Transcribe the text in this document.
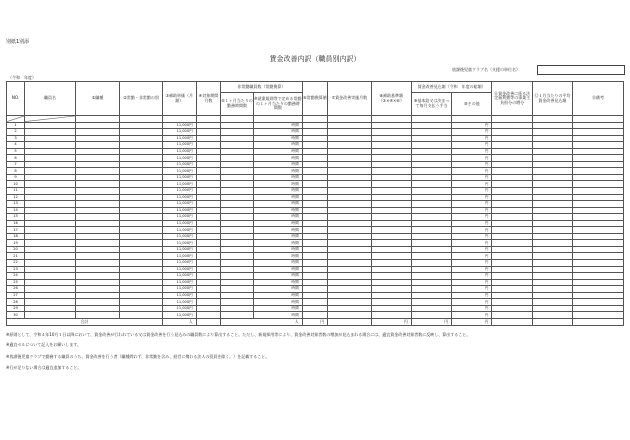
別紙1別添
賃金改善内訳（職員別内訳）
放課後児童クラブ名（支援の単位名）
（令和　年度）
NO.	職員名	①職種	②常勤・非常勤の別	③補助単価（月額）	④対象期間月数	非常勤職員数（常勤換算）		⑥常勤換算値	⑦賃金改善実施月数	⑧補助基準額（③×④×⑥）	賃金改善見込額（令和　年度の総額）		⑪賃金改善に係る法定福利費等の事業主負担分の増分	⑫１月当たりの平均賃金改善見込額	⑬備考
						⑤１ヶ月当たりの勤務時間数	※就業規則等で定める常勤の１ヶ月当たりの勤務時間数				⑨基本給又は決まって毎月支払う手当	⑩その他			

1				11,000円			時間					円			
2				11,000円			時間					円			
3				11,000円			時間					円			
4				11,000円			時間					円			
5				11,000円			時間					円			
6				11,000円			時間					円			
7				11,000円			時間					円			
8				11,000円			時間					円			
9				11,000円			時間					円			
10				11,000円			時間					円			
11				11,000円			時間					円			
12				11,000円			時間					円			
13				11,000円			時間					円			
14				11,000円			時間					円			
15				11,000円			時間					円			
16				11,000円			時間					円			
17				11,000円			時間					円			
18				11,000円			時間					円			
19				11,000円			時間					円			
20				11,000円			時間					円			
21				11,000円			時間					円			
22				11,000円			時間					円			
23				11,000円			時間					円			
24				11,000円			時間					円			
25				11,000円			時間					円			
26				11,000円			時間					円			
27				11,000円			時間					円			
28				11,000円			時間					円			
29				11,000円			時間					円			
30				11,000円			時間					円			
合計				人		人		円		円	円	円			
※原則として、令和４年10月１日以降において、賃金改善が行われている又は賃金改善を行う見込みの職員数により算出すること。ただし、新規採用等により、賃金改善対象者数の増加が見込まれる場合には、適宜賃金改善対象者数に反映し、算出すること。
※適宜セルについて記入をお願いします。
※放課後児童クラブで勤務する職員のうち、賃金改善を行う者（職種問わず、非常勤を含み、経営に携わる法人の役員を除く。）を記載すること。
※行が足りない場合は適宜追加すること。
